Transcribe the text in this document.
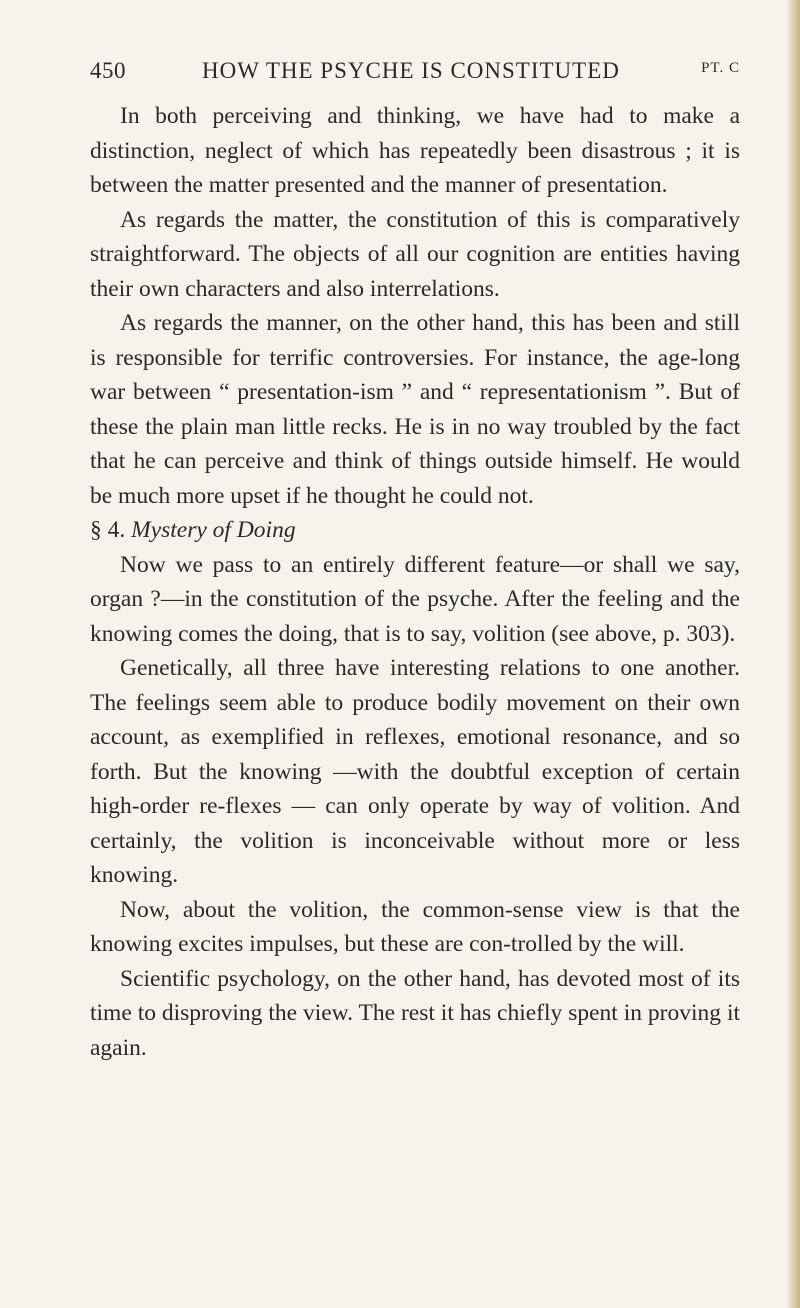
450	HOW THE PSYCHE IS CONSTITUTED	PT. C

In both perceiving and thinking, we have had to make a distinction, neglect of which has repeatedly been disastrous ; it is between the matter presented and the manner of presentation.

As regards the matter, the constitution of this is comparatively straightforward. The objects of all our cognition are entities having their own characters and also interrelations.

As regards the manner, on the other hand, this has been and still is responsible for terrific controversies. For instance, the age-long war between “ presentation-ism ” and “ representationism ”. But of these the plain man little recks. He is in no way troubled by the fact that he can perceive and think of things outside himself. He would be much more upset if he thought he could not.

§ 4. Mystery of Doing

Now we pass to an entirely different feature—or shall we say, organ ?—in the constitution of the psyche. After the feeling and the knowing comes the doing, that is to say, volition (see above, p. 303).

Genetically, all three have interesting relations to one another. The feelings seem able to produce bodily movement on their own account, as exemplified in reflexes, emotional resonance, and so forth. But the knowing —with the doubtful exception of certain high-order re-flexes — can only operate by way of volition. And certainly, the volition is inconceivable without more or less knowing.

Now, about the volition, the common-sense view is that the knowing excites impulses, but these are con-trolled by the will.

Scientific psychology, on the other hand, has devoted most of its time to disproving the view. The rest it has chiefly spent in proving it again.
